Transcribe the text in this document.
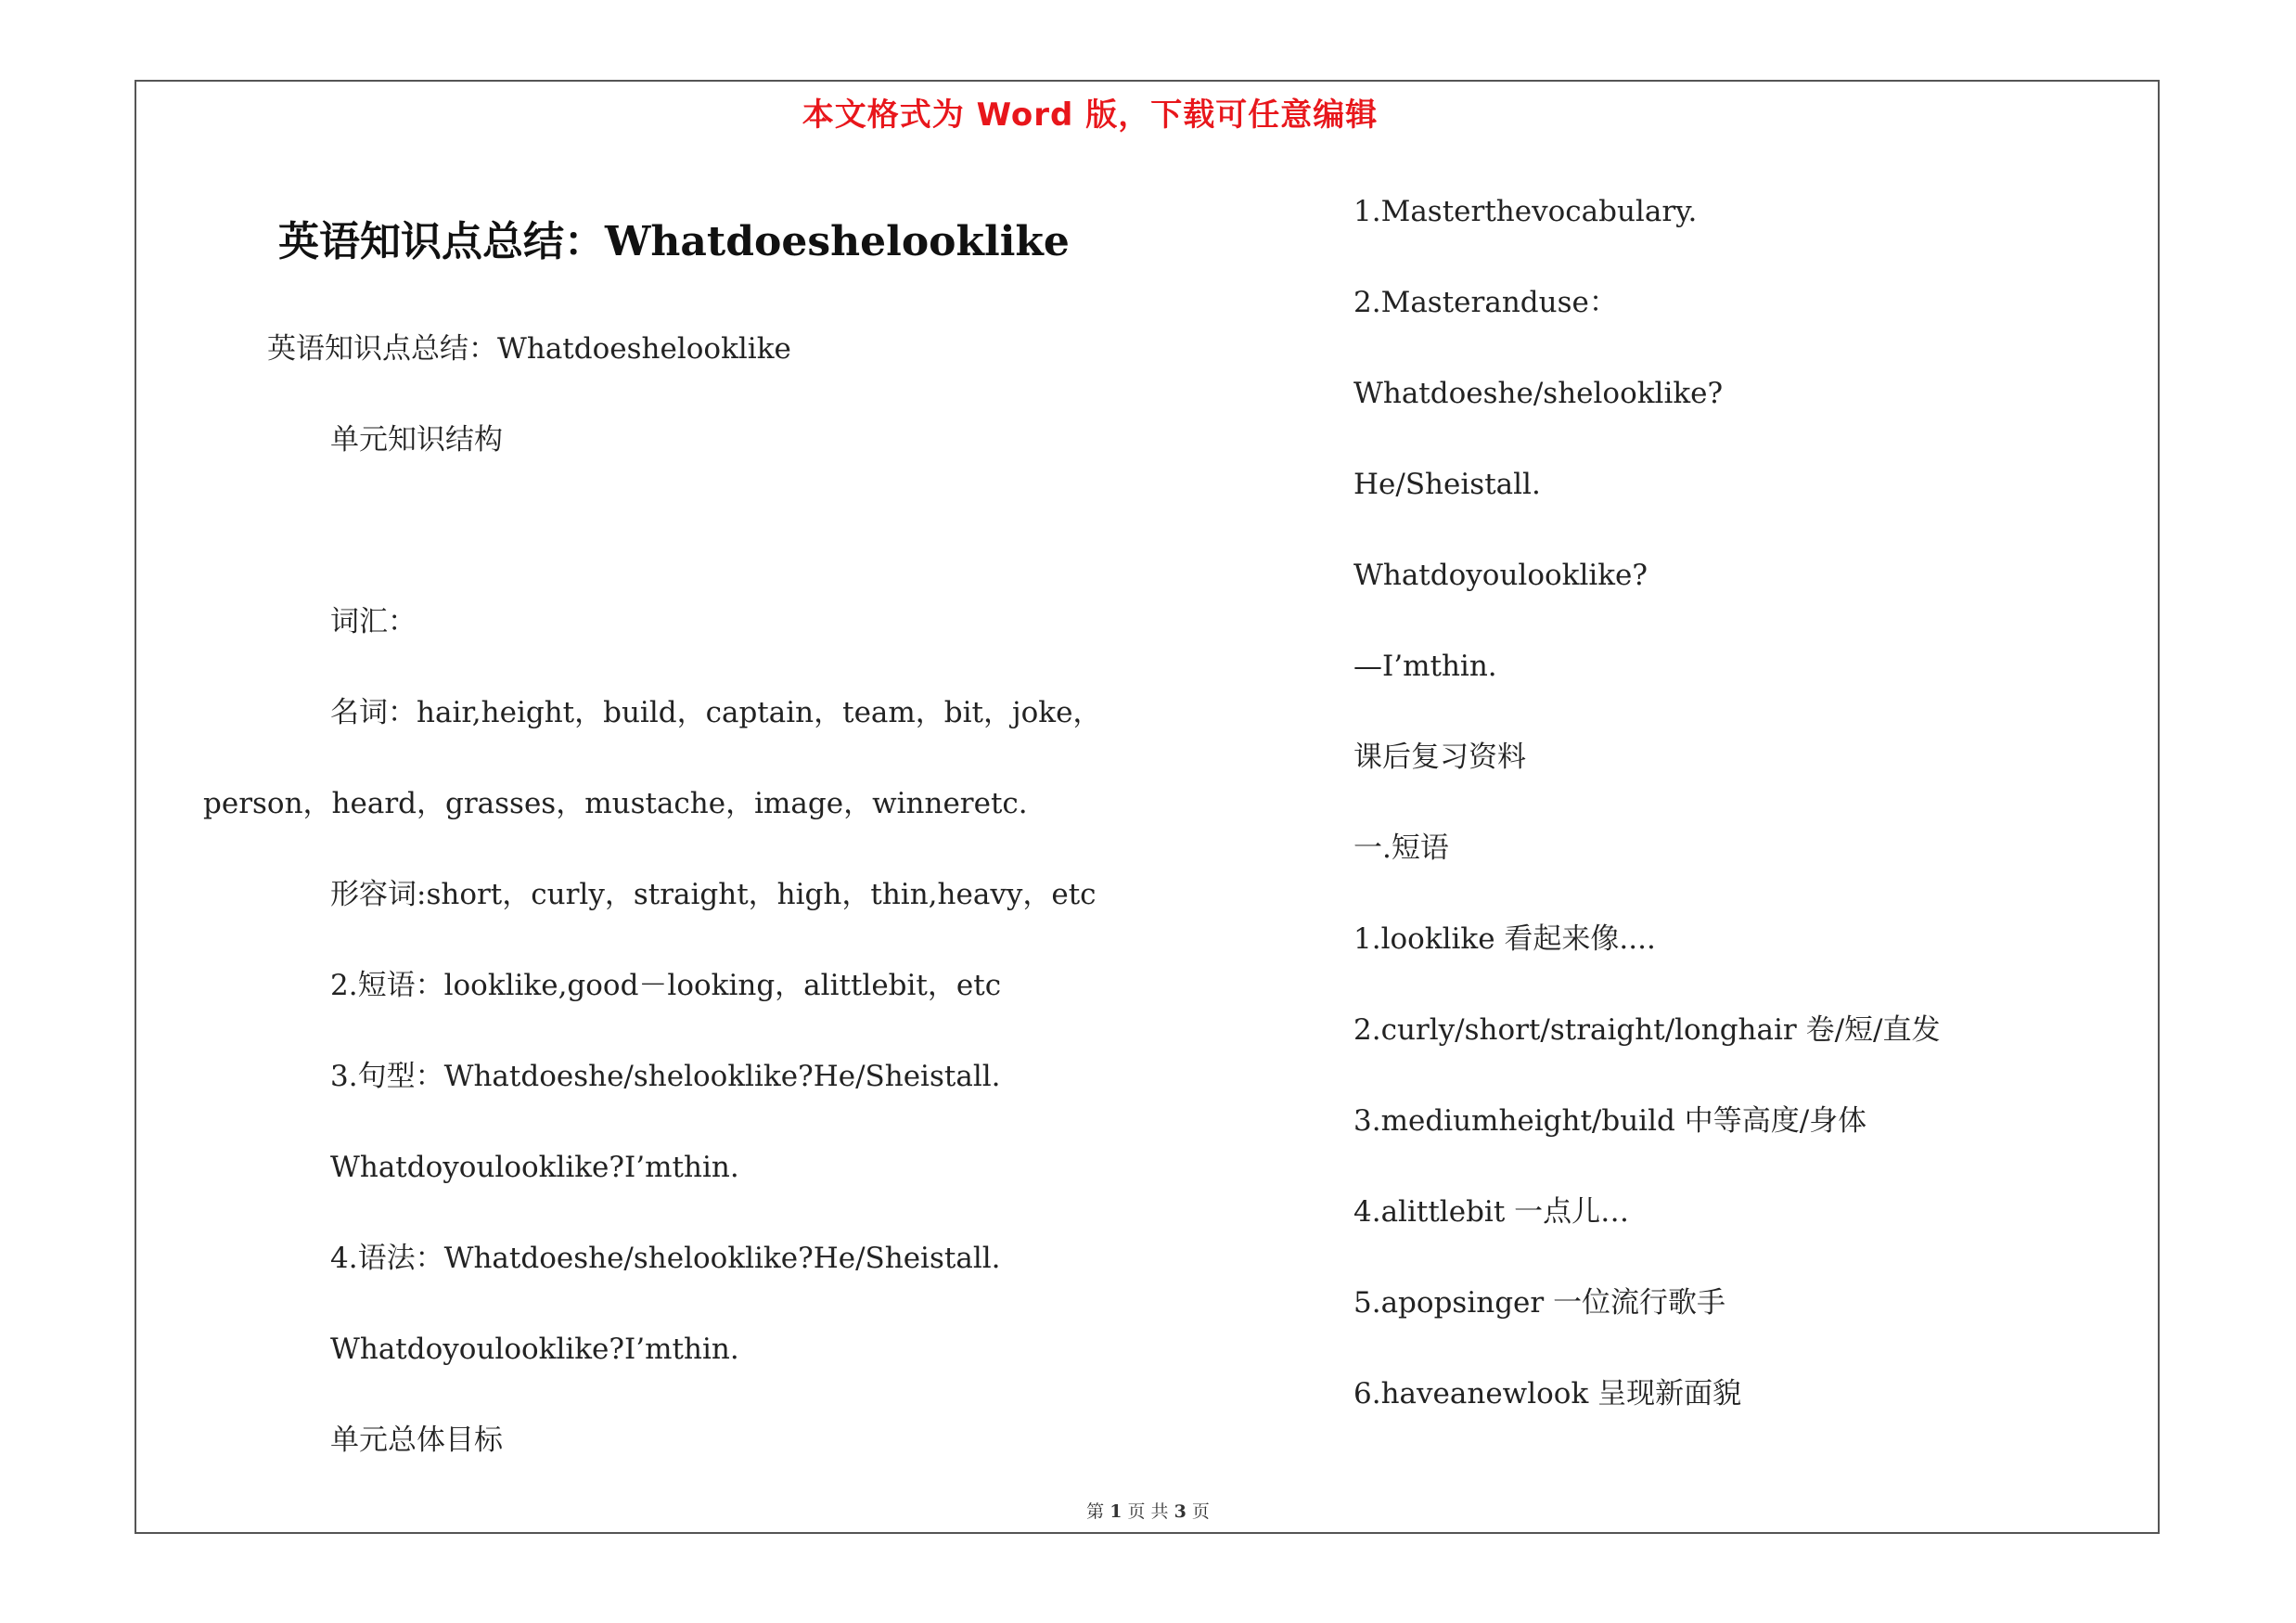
本文格式为 Word 版，下载可任意编辑
英语知识点总结：Whatdoeshelooklike
英语知识点总结：Whatdoeshelooklike
单元知识结构
词汇：
名词：hair,height，build，captain，team，bit，joke，
person，heard，grasses，mustache，image，winneretc.
形容词:short，curly，straight，high，thin,heavy，etc
2.短语：looklike,good－looking，alittlebit，etc
3.句型：Whatdoeshe/shelooklike?He/Sheistall.
Whatdoyoulooklike?I’mthin.
4.语法：Whatdoeshe/shelooklike?He/Sheistall.
Whatdoyoulooklike?I’mthin.
单元总体目标
1.Masterthevocabulary.
2.Masteranduse：
Whatdoeshe/shelooklike?
He/Sheistall.
Whatdoyoulooklike?
—I’mthin.
课后复习资料
一.短语
1.looklike 看起来像....
2.curly/short/straight/longhair 卷/短/直发
3.mediumheight/build 中等高度/身体
4.alittlebit 一点儿…
5.apopsinger 一位流行歌手
6.haveanewlook 呈现新面貌
第 1 页 共 3 页
